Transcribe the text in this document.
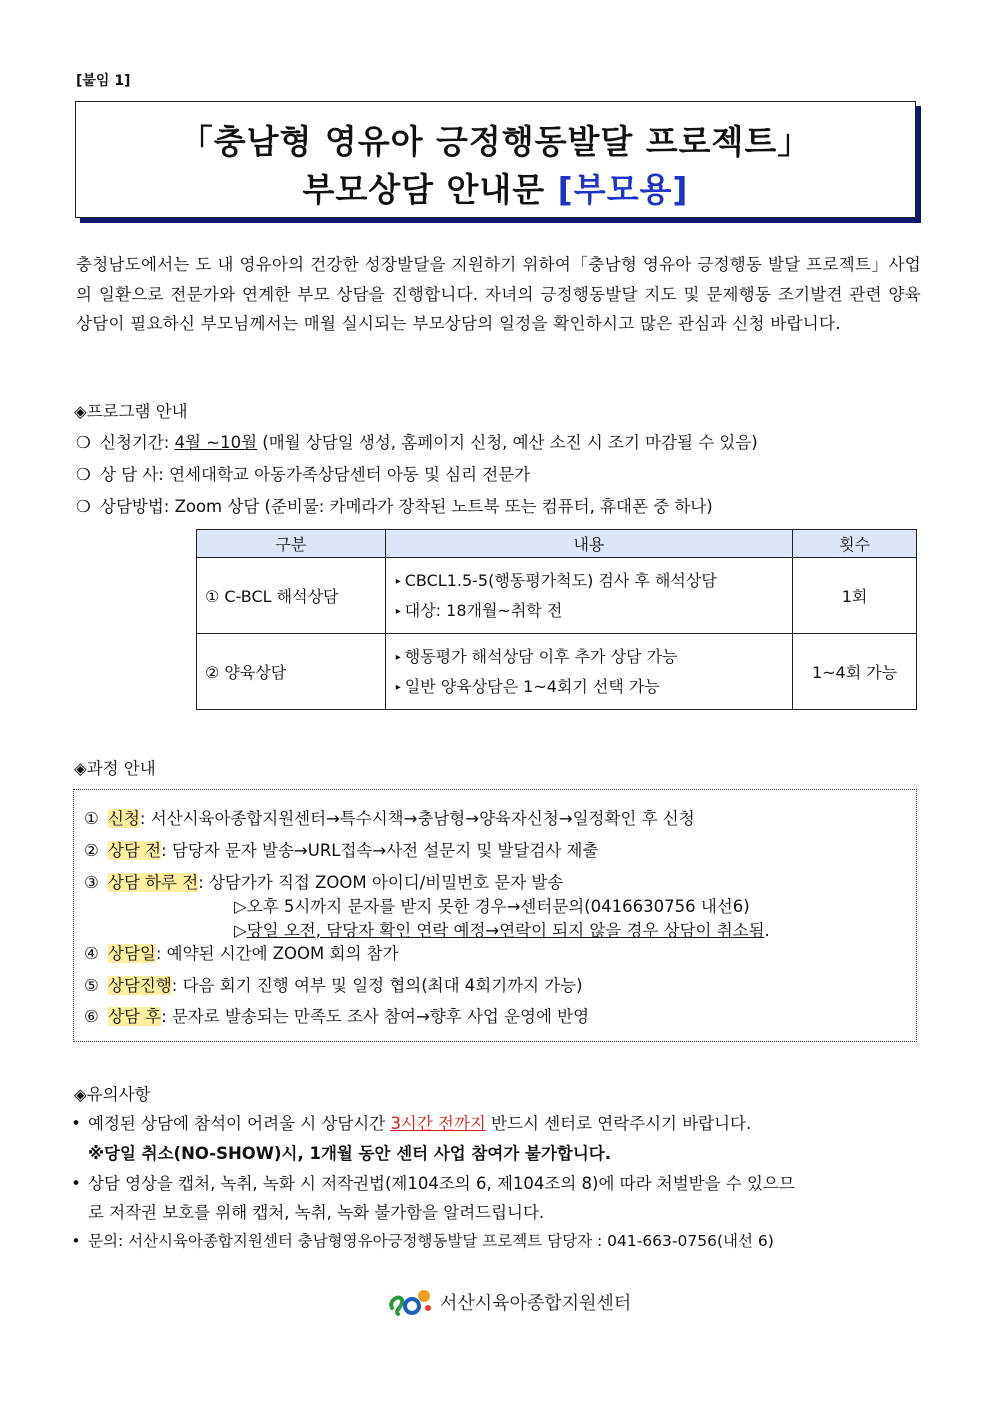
[붙임 1]
「충남형 영유아 긍정행동발달 프로젝트」
부모상담 안내문 [부모용]

충청남도에서는 도 내 영유아의 건강한 성장발달을 지원하기 위하여「충남형 영유아 긍정행동 발달 프로젝트」사업의 일환으로 전문가와 연계한 부모 상담을 진행합니다. 자녀의 긍정행동발달 지도 및 문제행동 조기발견 관련 양육 상담이 필요하신 부모님께서는 매월 실시되는 부모상담의 일정을 확인하시고 많은 관심과 신청 바랍니다.

◈프로그램 안내
❍ 신청기간: 4월 ~10월 (매월 상담일 생성, 홈페이지 신청, 예산 소진 시 조기 마감될 수 있음)
❍ 상 담 사: 연세대학교 아동가족상담센터 아동 및 심리 전문가
❍ 상담방법: Zoom 상담 (준비물: 카메라가 장착된 노트북 또는 컴퓨터, 휴대폰 중 하나)
구분	내용	횟수
① C-BCL 해석상담	▸ CBCL1.5-5(행동평가척도) 검사 후 해석상담
▸ 대상: 18개월~취학 전	1회
② 양육상담	▸ 행동평가 해석상담 이후 추가 상담 가능
▸ 일반 양육상담은 1~4회기 선택 가능	1~4회 가능
◈과정 안내
① 신청: 서산시육아종합지원센터→특수시책→충남형→양육자신청→일정확인 후 신청
② 상담 전: 담당자 문자 발송→URL접속→사전 설문지 및 발달검사 제출
③ 상담 하루 전: 상담가가 직접 ZOOM 아이디/비밀번호 문자 발송
▷오후 5시까지 문자를 받지 못한 경우→센터문의(0416630756 내선6)
▷당일 오전, 담당자 확인 연락 예정→연락이 되지 않을 경우 상담이 취소됨.
④ 상담일: 예약된 시간에 ZOOM 회의 참가
⑤ 상담진행: 다음 회기 진행 여부 및 일정 협의(최대 4회기까지 가능)
⑥ 상담 후: 문자로 발송되는 만족도 조사 참여→향후 사업 운영에 반영
◈유의사항
• 예정된 상담에 참석이 어려울 시 상담시간 3시간 전까지 반드시 센터로 연락주시기 바랍니다.
※당일 취소(NO-SHOW)시, 1개월 동안 센터 사업 참여가 불가합니다.
• 상담 영상을 캡처, 녹취, 녹화 시 저작권법(제104조의 6, 제104조의 8)에 따라 처벌받을 수 있으므
로 저작권 보호를 위해 캡처, 녹취, 녹화 불가함을 알려드립니다.
• 문의: 서산시육아종합지원센터 충남형영유아긍정행동발달 프로젝트 담당자 : 041-663-0756(내선 6)
서산시육아종합지원센터
